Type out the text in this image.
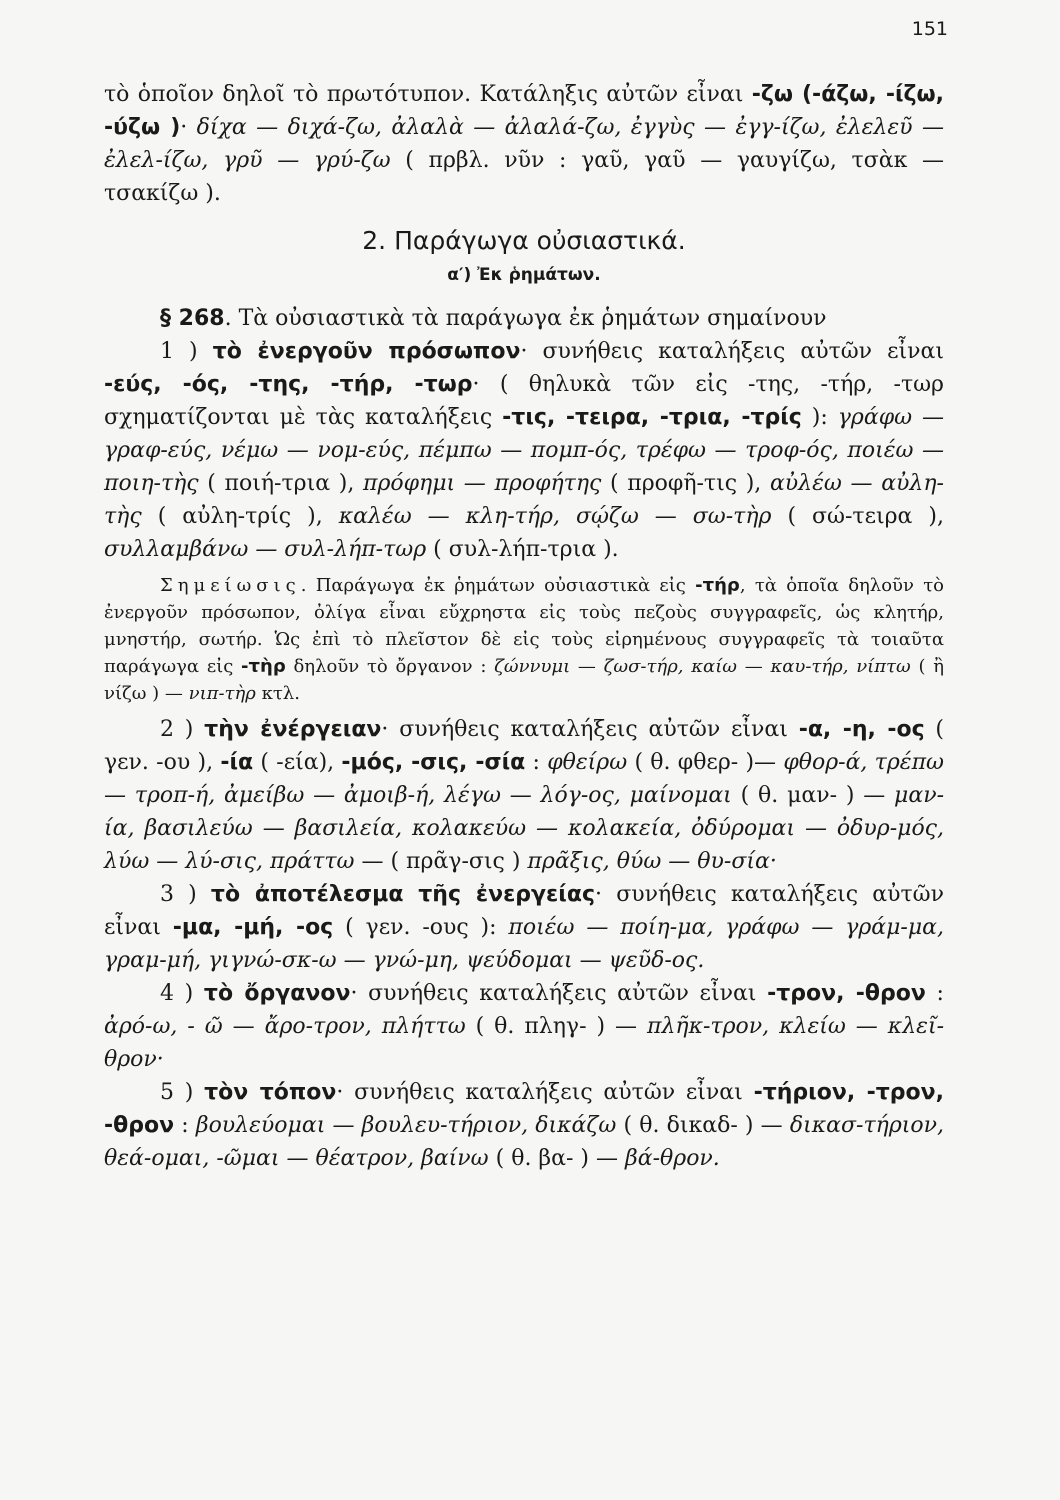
151

τὸ ὁποῖον δηλοῖ τὸ πρωτότυπον. Κατάληξις αὐτῶν εἶναι -ζω (-άζω, -ίζω, -ύζω )· δίχα — διχά-ζω, ἀλαλὰ — ἀλαλά-ζω, ἐγγὺς — ἐγγ-ίζω, ἐλελεῦ — ἐλελ-ίζω, γρῦ — γρύ-ζω ( πρβλ. νῦν : γαῦ, γαῦ — γαυγίζω, τσὰκ — τσακίζω ).

2. Παράγωγα οὐσιαστικά.

α′) Ἐκ ῥημάτων.

§ 268. Τὰ οὐσιαστικὰ τὰ παράγωγα ἐκ ῥημάτων σημαίνουν

1 ) τὸ ἐνεργοῦν πρόσωπον· συνήθεις καταλήξεις αὐτῶν εἶναι -εύς, -ός, -της, -τήρ, -τωρ· ( θηλυκὰ τῶν εἰς -της, -τήρ, -τωρ σχηματίζονται μὲ τὰς καταλήξεις -τις, -τειρα, -τρια, -τρίς ): γράφω — γραφ-εύς, νέμω — νομ-εύς, πέμπω — πομπ-ός, τρέφω — τροφ-ός, ποιέω — ποιη-τὴς ( ποιή-τρια ), πρόφημι — προφήτης ( προφῆ-τις ), αὐλέω — αὐλη-τὴς ( αὐλη-τρίς ), καλέω — κλη-τήρ, σῴζω — σω-τὴρ ( σώ-τειρα ), συλλαμβάνω — συλ-λήπ-τωρ ( συλ-λήπ-τρια ).

Σημείωσις. Παράγωγα ἐκ ῥημάτων οὐσιαστικὰ εἰς -τήρ, τὰ ὁποῖα δηλοῦν τὸ ἐνεργοῦν πρόσωπον, ὀλίγα εἶναι εὔχρηστα εἰς τοὺς πεζοὺς συγγραφεῖς, ὡς κλητήρ, μνηστήρ, σωτήρ. Ὡς ἐπὶ τὸ πλεῖστον δὲ εἰς τοὺς εἰρημένους συγγραφεῖς τὰ τοιαῦτα παράγωγα εἰς -τὴρ δηλοῦν τὸ ὄργανον : ζώννυμι — ζωσ-τήρ, καίω — καυ-τήρ, νίπτω ( ἢ νίζω ) — νιπ-τὴρ κτλ.

2 ) τὴν ἐνέργειαν· συνήθεις καταλήξεις αὐτῶν εἶναι -α, -η, -ος ( γεν. -ου ), -ία ( -εία), -μός, -σις, -σία : φθείρω ( θ. φθερ- )— φθορ-ά, τρέπω — τροπ-ή, ἀμείβω — ἀμοιβ-ή, λέγω — λόγ-ος, μαίνομαι ( θ. μαν- ) — μαν-ία, βασιλεύω — βασιλεία, κολακεύω — κολακεία, ὀδύρομαι — ὀδυρ-μός, λύω — λύ-σις, πράττω — ( πρᾶγ-σις ) πρᾶξις, θύω — θυ-σία·

3 ) τὸ ἀποτέλεσμα τῆς ἐνεργείας· συνήθεις καταλήξεις αὐτῶν εἶναι -μα, -μή, -ος ( γεν. -ους ): ποιέω — ποίη-μα, γράφω — γράμ-μα, γραμ-μή, γιγνώ-σκ-ω — γνώ-μη, ψεύδομαι — ψεῦδ-ος.

4 ) τὸ ὄργανον· συνήθεις καταλήξεις αὐτῶν εἶναι -τρον, -θρον : ἀρό-ω, - ῶ — ἄρο-τρον, πλήττω ( θ. πληγ- ) — πλῆκ-τρον, κλείω — κλεῖ-θρον·

5 ) τὸν τόπον· συνήθεις καταλήξεις αὐτῶν εἶναι -τήριον, -τρον, -θρον : βουλεύομαι — βουλευ-τήριον, δικάζω ( θ. δικαδ- ) — δικασ-τήριον, θεά-ομαι, -ῶμαι — θέατρον, βαίνω ( θ. βα- ) — βά-θρον.
